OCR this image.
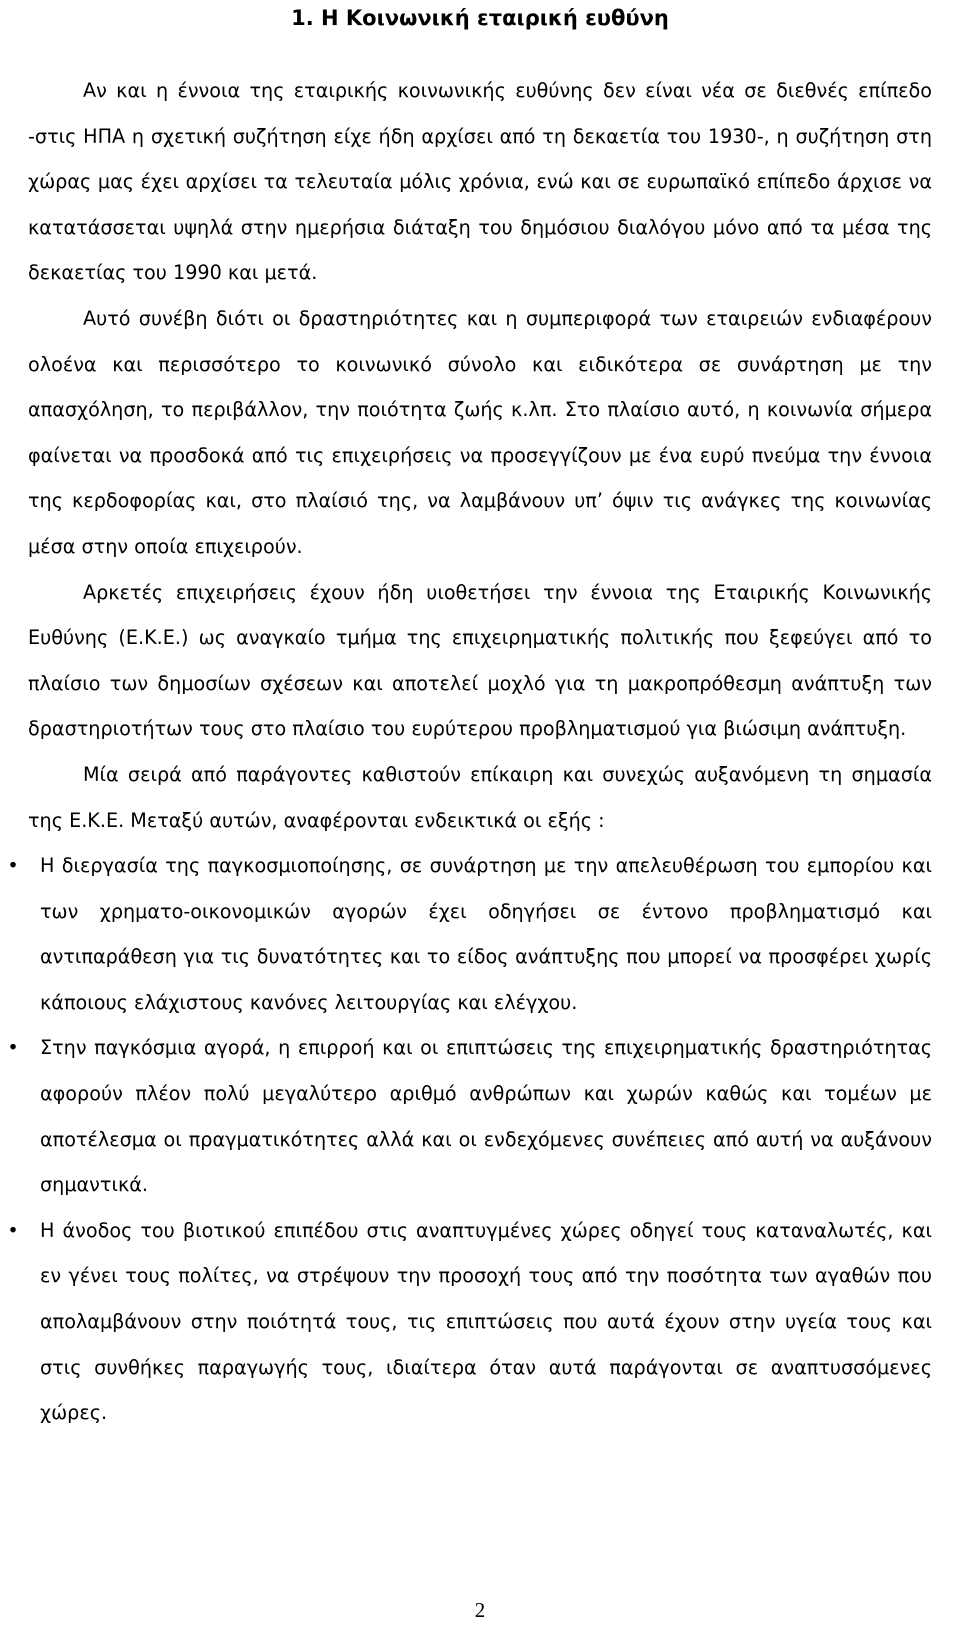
1. Η Κοινωνική εταιρική ευθύνη

Αν και η έννοια της εταιρικής κοινωνικής ευθύνης δεν είναι νέα σε διεθνές επίπεδο -στις ΗΠΑ η σχετική συζήτηση είχε ήδη αρχίσει από τη δεκαετία του 1930-, η συζήτηση στη χώρας μας έχει αρχίσει τα τελευταία μόλις χρόνια, ενώ και σε ευρωπαϊκό επίπεδο άρχισε να κατατάσσεται υψηλά στην ημερήσια διάταξη του δημόσιου διαλόγου μόνο από τα μέσα της δεκαετίας του 1990 και μετά.

Αυτό συνέβη διότι οι δραστηριότητες και η συμπεριφορά των εταιρειών ενδιαφέρουν ολοένα και περισσότερο το κοινωνικό σύνολο και ειδικότερα σε συνάρτηση με την απασχόληση, το περιβάλλον, την ποιότητα ζωής κ.λπ. Στο πλαίσιο αυτό, η κοινωνία σήμερα φαίνεται να προσδοκά από τις επιχειρήσεις να προσεγγίζουν με ένα ευρύ πνεύμα την έννοια της κερδοφορίας και, στο πλαίσιό της, να λαμβάνουν υπ’ όψιν τις ανάγκες της κοινωνίας μέσα στην οποία επιχειρούν.

Αρκετές επιχειρήσεις έχουν ήδη υιοθετήσει την έννοια της Εταιρικής Κοινωνικής Ευθύνης (Ε.Κ.Ε.) ως αναγκαίο τμήμα της επιχειρηματικής πολιτικής που ξεφεύγει από το πλαίσιο των δημοσίων σχέσεων και αποτελεί μοχλό για τη μακροπρόθεσμη ανάπτυξη των δραστηριοτήτων τους στο πλαίσιο του ευρύτερου προβληματισμού για βιώσιμη ανάπτυξη.

Μία σειρά από παράγοντες καθιστούν επίκαιρη και συνεχώς αυξανόμενη τη σημασία της Ε.Κ.Ε. Μεταξύ αυτών, αναφέρονται ενδεικτικά οι εξής :

• Η διεργασία της παγκοσμιοποίησης, σε συνάρτηση με την απελευθέρωση του εμπορίου και των χρηματο-οικονομικών αγορών έχει οδηγήσει σε έντονο προβληματισμό και αντιπαράθεση για τις δυνατότητες και το είδος ανάπτυξης που μπορεί να προσφέρει χωρίς κάποιους ελάχιστους κανόνες λειτουργίας και ελέγχου.
• Στην παγκόσμια αγορά, η επιρροή και οι επιπτώσεις της επιχειρηματικής δραστηριότητας αφορούν πλέον πολύ μεγαλύτερο αριθμό ανθρώπων και χωρών καθώς και τομέων με αποτέλεσμα οι πραγματικότητες αλλά και οι ενδεχόμενες συνέπειες από αυτή να αυξάνουν σημαντικά.
• Η άνοδος του βιοτικού επιπέδου στις αναπτυγμένες χώρες οδηγεί τους καταναλωτές, και εν γένει τους πολίτες, να στρέψουν την προσοχή τους από την ποσότητα των αγαθών που απολαμβάνουν στην ποιότητά τους, τις επιπτώσεις που αυτά έχουν στην υγεία τους και στις συνθήκες παραγωγής τους, ιδιαίτερα όταν αυτά παράγονται σε αναπτυσσόμενες χώρες.
2
